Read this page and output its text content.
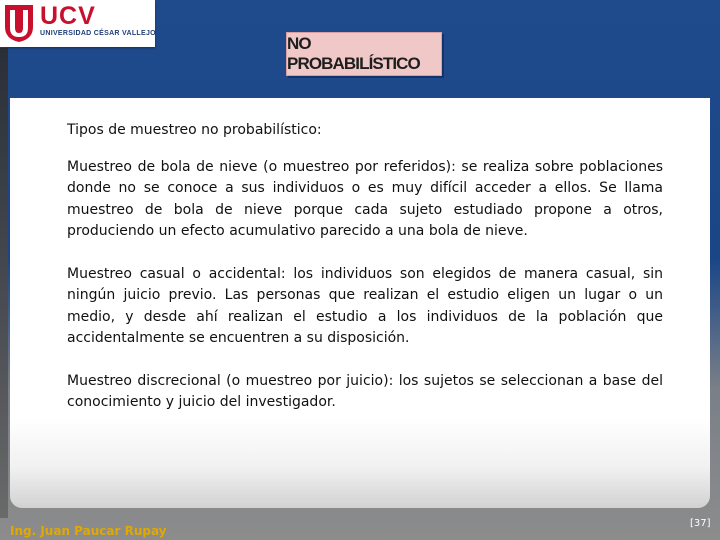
UCV
UNIVERSIDAD CÉSAR VALLEJO
NO PROBABILÍSTICO

Tipos de muestreo no probabilístico:

Muestreo de bola de nieve (o muestreo por referidos): se realiza sobre poblaciones donde no se conoce a sus individuos o es muy difícil acceder a ellos. Se llama muestreo de bola de nieve porque cada sujeto estudiado propone a otros, produciendo un efecto acumulativo parecido a una bola de nieve.

Muestreo casual o accidental: los individuos son elegidos de manera casual, sin ningún juicio previo. Las personas que realizan el estudio eligen un lugar o un medio, y desde ahí realizan el estudio a los individuos de la población que accidentalmente se encuentren a su disposición.

Muestreo discrecional (o muestreo por juicio): los sujetos se seleccionan a base del conocimiento y juicio del investigador.

Ing. Juan Paucar Rupay
[37]
